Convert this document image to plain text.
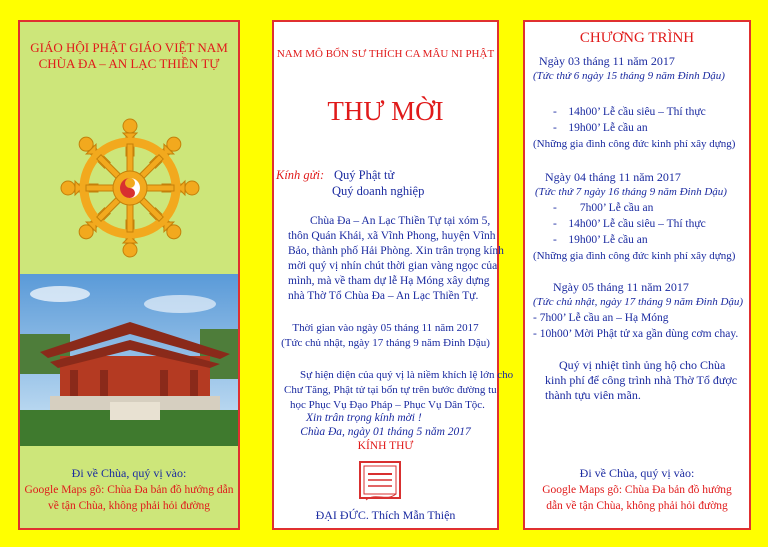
GIÁO HỘI PHẬT GIÁO VIỆT NAM
CHÙA ĐA – AN LẠC THIỀN TỰ
Đi về Chùa, quý vị vào:
Google Maps gõ: Chùa Đa bản đồ hướng dẫn
về tận Chùa, không phải hỏi đường
NAM MÔ BỔN SƯ THÍCH CA MÂU NI PHẬT
THƯ MỜI
Kính gửi: Quý Phật tử
Quý doanh nghiệp
Chùa Đa – An Lạc Thiền Tự tại xóm 5,
thôn Quán Khái, xã Vĩnh Phong, huyện Vĩnh
Bảo, thành phố Hải Phòng. Xin trân trọng kính
mời quý vị nhín chút thời gian vàng ngọc của
mình, mà về tham dự lễ Hạ Móng xây dựng
nhà Thờ Tổ Chùa Đa – An Lạc Thiền Tự.
Thời gian vào ngày 05 tháng 11 năm 2017
(Tức chủ nhật, ngày 17 tháng 9 năm Đinh Dậu)
Sự hiện diện của quý vị là niềm khích lệ lớn cho
Chư Tăng, Phật tử tại bổn tự trên bước đường tu
học Phục Vụ Đạo Pháp – Phục Vụ Dân Tộc.
Xin trân trọng kính mời !
Chùa Đa, ngày 01 tháng 5 năm 2017
KÍNH THƯ
ĐẠI ĐỨC. Thích Mẫn Thiện
CHƯƠNG TRÌNH
Ngày 03 tháng 11 năm 2017
(Tức thứ 6 ngày 15 tháng 9 năm Đinh Dậu)
-    14h00’ Lễ cầu siêu – Thí thực
-    19h00’ Lễ cầu an
(Những gia đình công đức kinh phí xây dựng)
Ngày 04 tháng 11 năm 2017
(Tức thứ 7 ngày 16 tháng 9 năm Đinh Dậu)
-        7h00’ Lễ cầu an
-    14h00’ Lễ cầu siêu – Thí thực
-    19h00’ Lễ cầu an
(Những gia đình công đức kinh phí xây dựng)
Ngày 05 tháng 11 năm 2017
(Tức chủ nhật, ngày 17 tháng 9 năm Đinh Dậu)
- 7h00’ Lễ cầu an – Hạ Móng
- 10h00’ Mời Phật tử xa gần dùng cơm chay.
Quý vị nhiệt tình ủng hộ cho Chùa
kinh phí để công trình nhà Thờ Tổ được
thành tựu viên mãn.
Đi về Chùa, quý vị vào:
Google Maps gõ: Chùa Đa bản đồ hướng
dẫn về tận Chùa, không phải hỏi đường
